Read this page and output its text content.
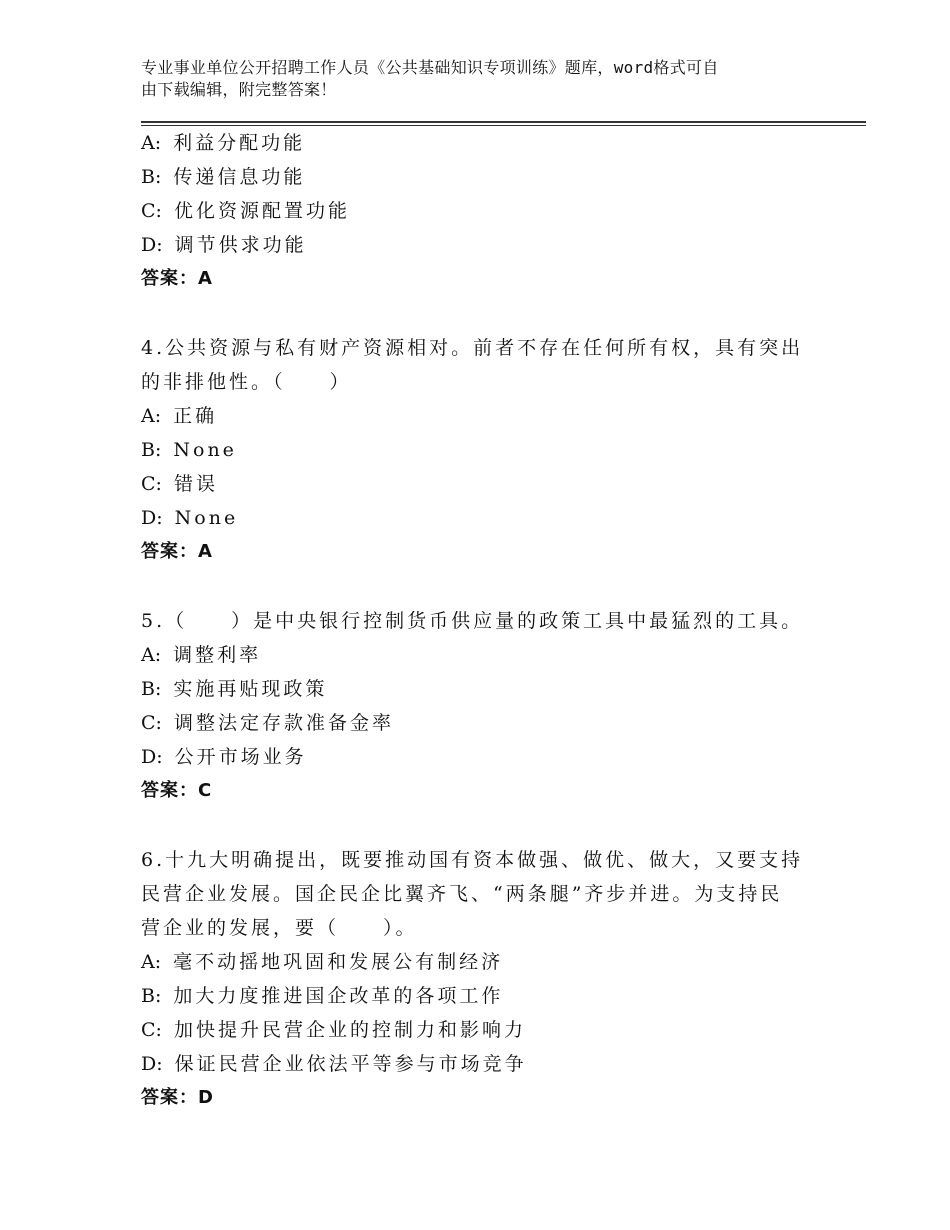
专业事业单位公开招聘工作人员《公共基础知识专项训练》题库，word格式可自
由下载编辑，附完整答案！
A: 利益分配功能
B: 传递信息功能
C: 优化资源配置功能
D: 调节供求功能
答案：A
4.公共资源与私有财产资源相对。前者不存在任何所有权，具有突出
的非排他性。（　　）
A: 正确
B: None
C: 错误
D: None
答案：A
5.（　　）是中央银行控制货币供应量的政策工具中最猛烈的工具。
A: 调整利率
B: 实施再贴现政策
C: 调整法定存款准备金率
D: 公开市场业务
答案：C
6.十九大明确提出，既要推动国有资本做强、做优、做大，又要支持
民营企业发展。国企民企比翼齐飞、“两条腿”齐步并进。为支持民
营企业的发展，要（　　）。
A: 毫不动摇地巩固和发展公有制经济
B: 加大力度推进国企改革的各项工作
C: 加快提升民营企业的控制力和影响力
D: 保证民营企业依法平等参与市场竞争
答案：D
